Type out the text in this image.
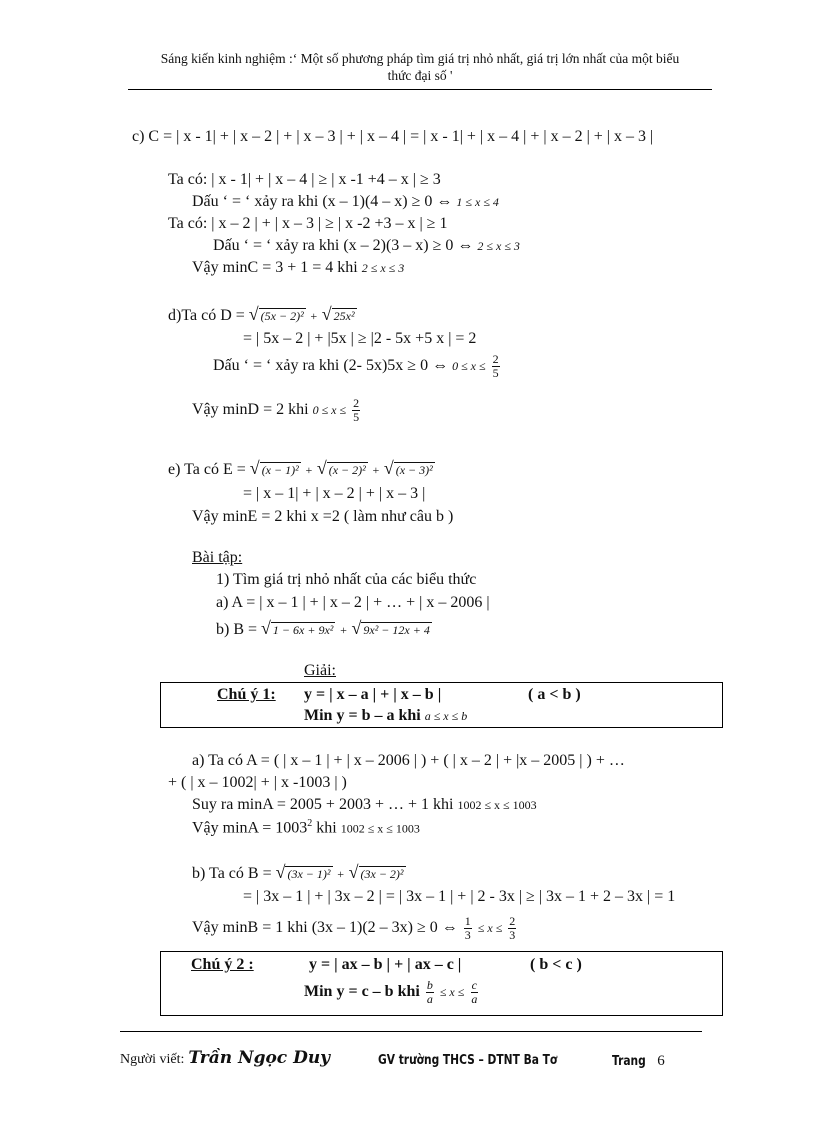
Sáng kiến kinh nghiệm :‘ Một số phương pháp tìm giá trị nhỏ nhất, giá trị lớn nhất của một biểu
thức đại số '
c) C = | x - 1| + | x – 2 | + | x – 3 | + | x – 4 | = | x - 1| + | x – 4 | + | x – 2 | + | x – 3 |
Ta có: | x - 1| + | x – 4 | ≥ | x -1 +4 – x | ≥ 3
Dấu ‘ = ‘ xảy ra khi (x – 1)(4 – x) ≥ 0 ⇔ 1 ≤ x ≤ 4
Ta có: | x – 2 | + | x – 3 | ≥ | x -2 +3 – x | ≥ 1
Dấu ‘ = ‘ xảy ra khi (x – 2)(3 – x) ≥ 0 ⇔ 2 ≤ x ≤ 3
Vậy minC = 3 + 1 = 4 khi 2 ≤ x ≤ 3
d)Ta có D = √ (5x − 2)² + √ 25x²
= | 5x – 2 | + |5x | ≥ |2 - 5x +5 x | = 2
Dấu ‘ = ‘ xảy ra khi (2- 5x)5x ≥ 0 ⇔ $0 \le x \le \frac{2}{5}$
Vậy minD = 2 khi $0 \le x \le \frac{2}{5}$
e) Ta có E = √ (x − 1)² + √ (x − 2)² + √ (x − 3)²
= | x – 1| + | x – 2 | + | x – 3 |
Vậy minE = 2 khi x =2 ( làm như câu b )
Bài tập:
1) Tìm giá trị nhỏ nhất của các biểu thức
a) A = | x – 1 | + | x – 2 | + … + | x – 2006 |
b) B = √ 1 − 6x + 9x² + √ 9x² − 12x + 4
Giải:
Chú ý 1: y = | x – a | + | x – b |	( a < b )
Min y = b – a khi a ≤ x ≤ b
a) Ta có A = ( | x – 1 | + | x – 2006 | ) + ( | x – 2 | + |x – 2005 | ) + …
+ ( | x – 1002| + | x -1003 | )
Suy ra minA = 2005 + 2003 + … + 1 khi 1002 ≤ x ≤ 1003
Vậy $\min A = 1003^2$ khi 1002 ≤ x ≤ 1003
b) Ta có B = √ (3x − 1)² + √ (3x − 2)²
= | 3x – 1 | + | 3x – 2 | = | 3x – 1 | + | 2 - 3x | ≥ | 3x – 1 + 2 – 3x | = 1
Vậy minB = 1 khi (3x – 1)(2 – 3x) ≥ 0 ⇔ $\frac{1}{3} \le x \le \frac{2}{3}$
Chú ý 2 :	y = | ax – b | + | ax – c |	( b < c )
Min y = c – b khi $\frac{b}{a} \le x \le \frac{c}{a}$
Người viết: Trần Ngọc Duy	GV trường THCS – DTNT Ba Tơ	Trang 6
